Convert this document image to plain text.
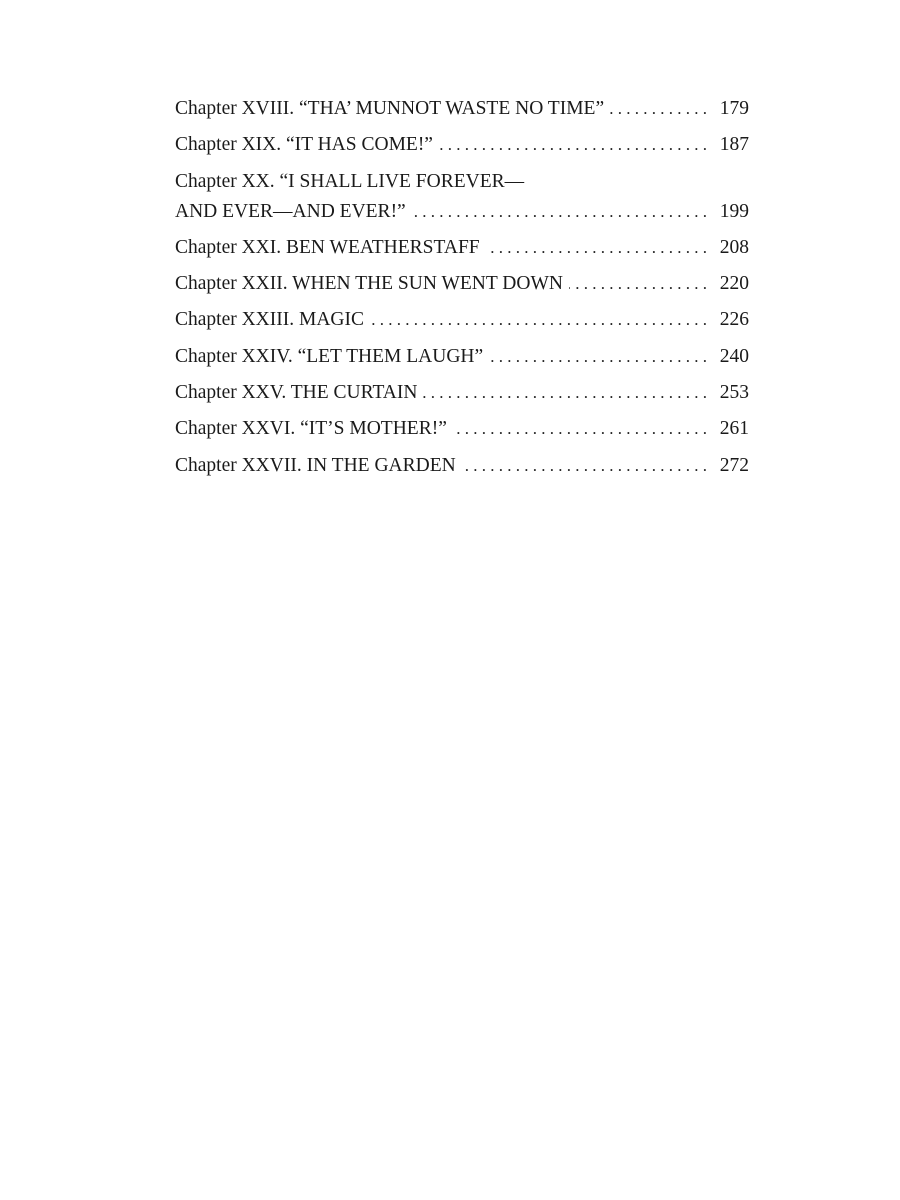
Chapter XVIII. “THA’ MUNNOT WASTE NO TIME” . . .	179
Chapter XIX. “IT HAS COME!” . . .	187
Chapter XX. “I SHALL LIVE FOREVER—
AND EVER—AND EVER!” . . .	199
Chapter XXI. BEN WEATHERSTAFF . . .	208
Chapter XXII. WHEN THE SUN WENT DOWN . . .	220
Chapter XXIII. MAGIC . . .	226
Chapter XXIV. “LET THEM LAUGH” . . .	240
Chapter XXV. THE CURTAIN . . .	253
Chapter XXVI. “IT’S MOTHER!” . . .	261
Chapter XXVII. IN THE GARDEN . . .	272
